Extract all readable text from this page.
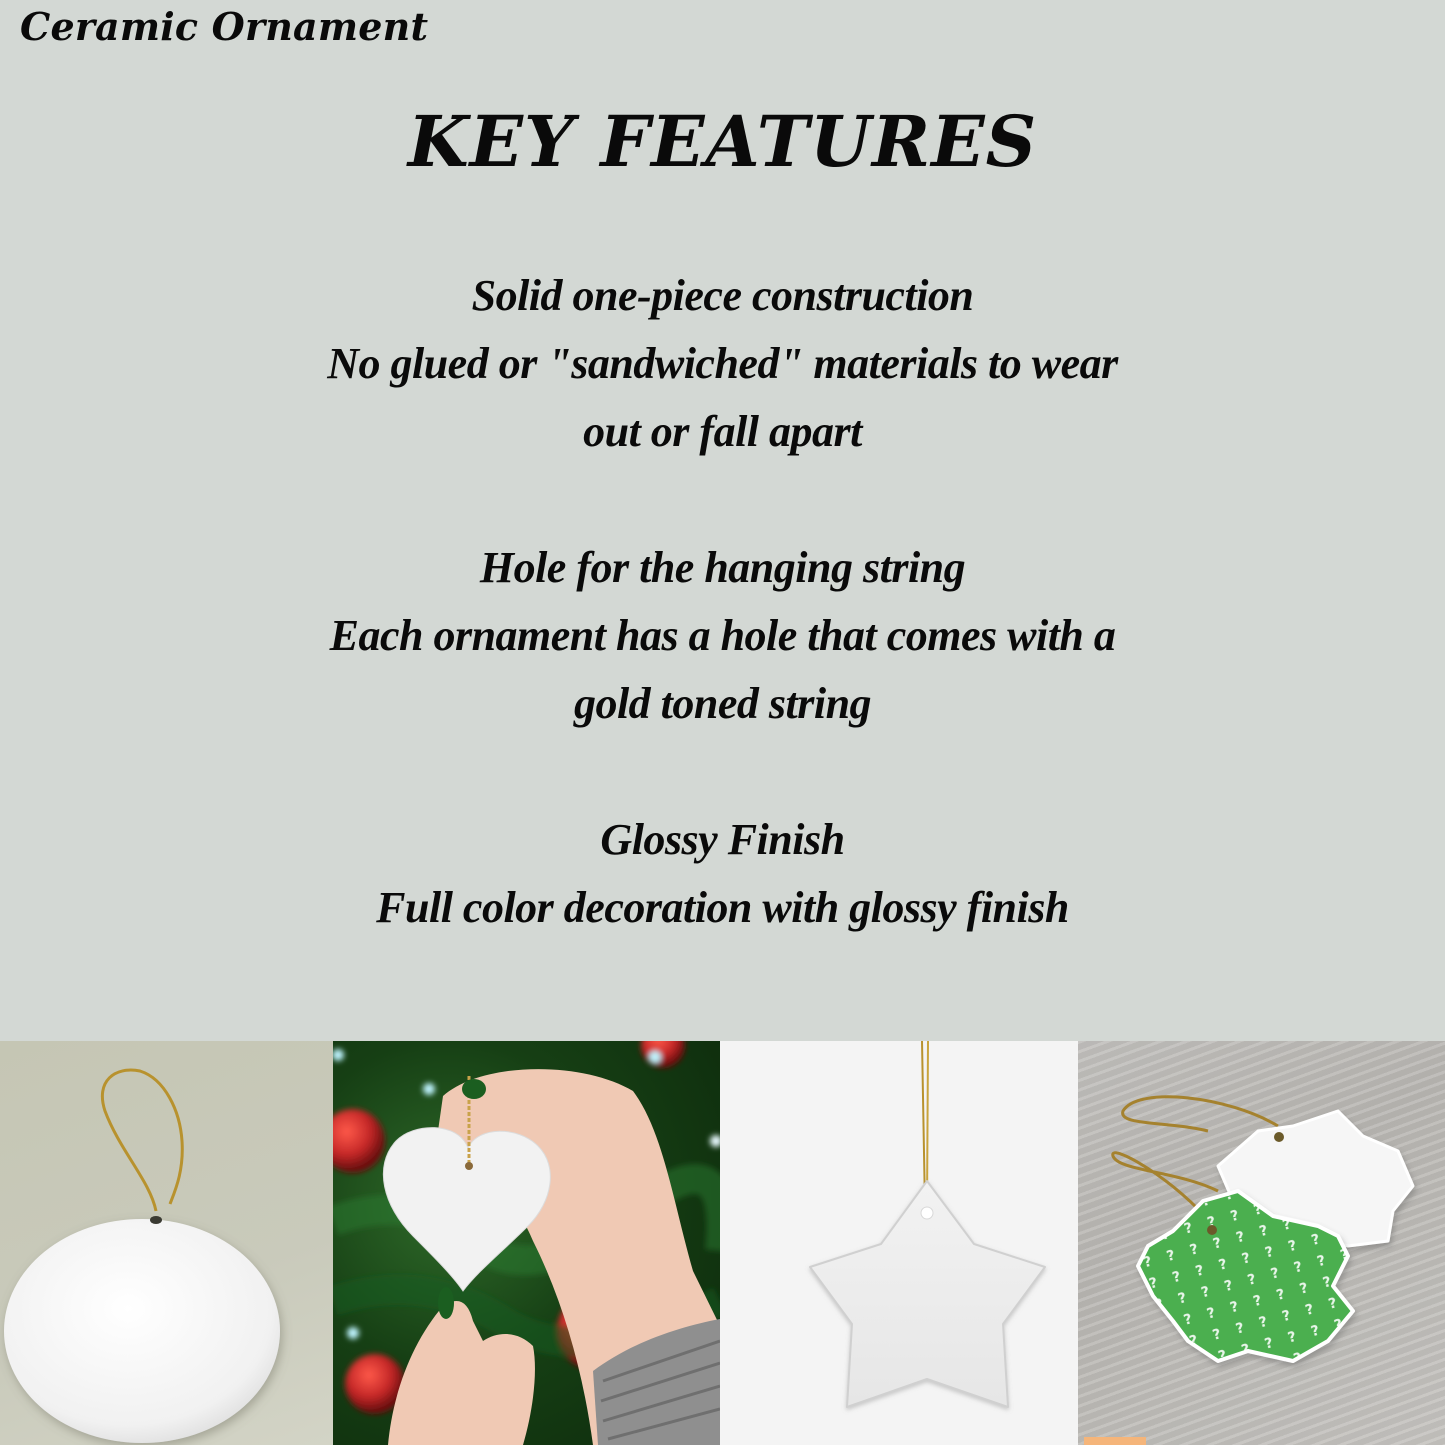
Ceramic Ornament
KEY FEATURES
Solid one-piece construction
No glued or "sandwiched" materials to wear
out or fall apart
Hole for the hanging string
Each ornament has a hole that comes with a
gold toned string
Glossy Finish
Full color decoration with glossy finish
